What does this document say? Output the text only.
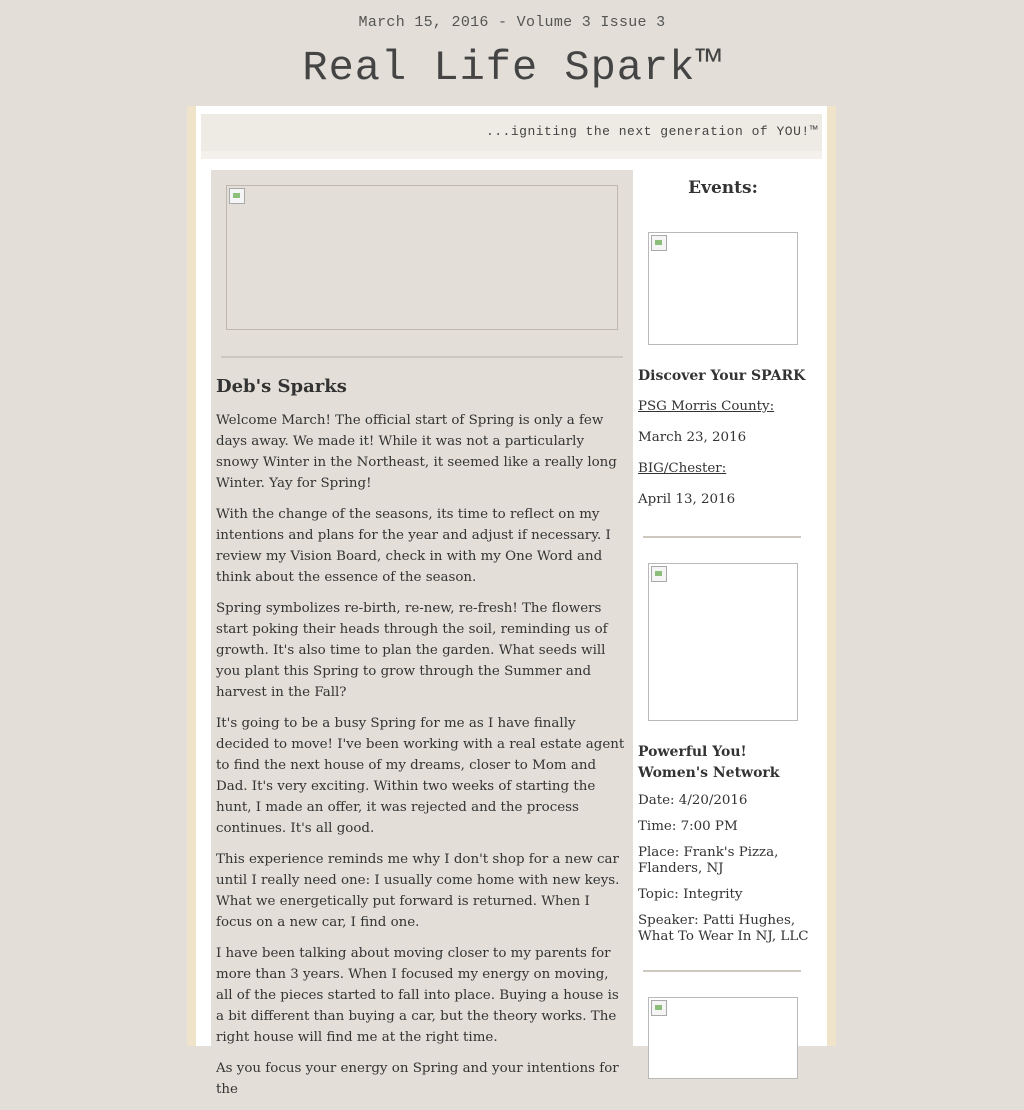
March 15, 2016 - Volume 3 Issue 3
Real Life Spark™
...igniting the next generation of YOU!™
Deb's Sparks

Welcome March! The official start of Spring is only a few days away. We made it! While it was not a particularly snowy Winter in the Northeast, it seemed like a really long Winter. Yay for Spring!

With the change of the seasons, its time to reflect on my intentions and plans for the year and adjust if necessary. I review my Vision Board, check in with my One Word and think about the essence of the season.

Spring symbolizes re-birth, re-new, re-fresh! The flowers start poking their heads through the soil, reminding us of growth. It's also time to plan the garden. What seeds will you plant this Spring to grow through the Summer and harvest in the Fall?

It's going to be a busy Spring for me as I have finally decided to move! I've been working with a real estate agent to find the next house of my dreams, closer to Mom and Dad. It's very exciting. Within two weeks of starting the hunt, I made an offer, it was rejected and the process continues. It's all good.

This experience reminds me why I don't shop for a new car until I really need one: I usually come home with new keys. What we energetically put forward is returned. When I focus on a new car, I find one.

I have been talking about moving closer to my parents for more than 3 years. When I focused my energy on moving, all of the pieces started to fall into place. Buying a house is a bit different than buying a car, but the theory works. The right house will find me at the right time.

As you focus your energy on Spring and your intentions for the

Events:
Discover Your SPARK
PSG Morris County:
March 23, 2016
BIG/Chester:
April 13, 2016
Powerful You! Women's Network
Date: 4/20/2016
Time: 7:00 PM
Place: Frank's Pizza, Flanders, NJ
Topic: Integrity
Speaker: Patti Hughes, What To Wear In NJ, LLC
